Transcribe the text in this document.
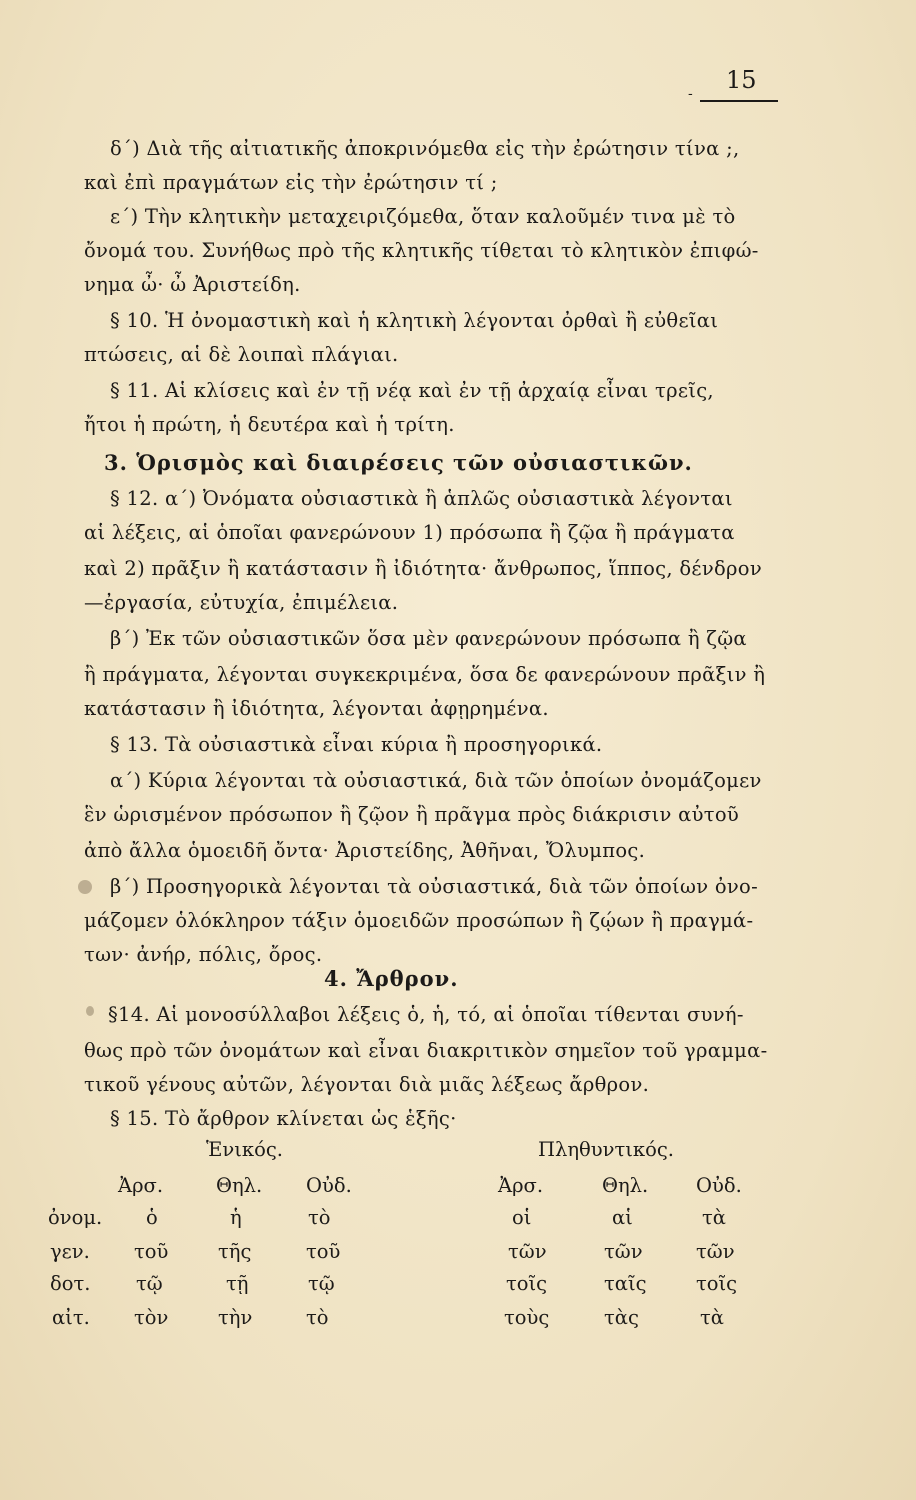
- 15
δ΄) Διὰ τῆς αἰτιατικῆς ἀποκρινόμεθα εἰς τὴν ἐρώτησιν τίνα ;,
καὶ ἐπὶ πραγμάτων εἰς τὴν ἐρώτησιν τί ;
ε΄) Τὴν κλητικὴν μεταχειριζόμεθα, ὅταν καλοῦμέν τινα μὲ τὸ
ὄνομά του. Συνήθως πρὸ τῆς κλητικῆς τίθεται τὸ κλητικὸν ἐπιφώ-
νημα ὦ· ὦ Ἀριστείδη.
§ 10. Ἡ ὀνομαστικὴ καὶ ἡ κλητικὴ λέγονται ὀρθαὶ ἢ εὐθεῖαι
πτώσεις, αἱ δὲ λοιπαὶ πλάγιαι.
§ 11. Αἱ κλίσεις καὶ ἐν τῇ νέᾳ καὶ ἐν τῇ ἀρχαίᾳ εἶναι τρεῖς,
ἤτοι ἡ πρώτη, ἡ δευτέρα καὶ ἡ τρίτη.
3. Ὁρισμὸς καὶ διαιρέσεις τῶν οὐσιαστικῶν.
§ 12. α΄) Ὀνόματα οὐσιαστικὰ ἢ ἁπλῶς οὐσιαστικὰ λέγονται
αἱ λέξεις, αἱ ὁποῖαι φανερώνουν 1) πρόσωπα ἢ ζῷα ἢ πράγματα
καὶ 2) πρᾶξιν ἢ κατάστασιν ἢ ἰδιότητα· ἄνθρωπος, ἵππος, δένδρον
—ἐργασία, εὐτυχία, ἐπιμέλεια.
β΄) Ἐκ τῶν οὐσιαστικῶν ὅσα μὲν φανερώνουν πρόσωπα ἢ ζῷα
ἢ πράγματα, λέγονται συγκεκριμένα, ὅσα δε φανερώνουν πρᾶξιν ἢ
κατάστασιν ἢ ἰδιότητα, λέγονται ἀφῃρημένα.
§ 13. Τὰ οὐσιαστικὰ εἶναι κύρια ἢ προσηγορικά.
α΄) Κύρια λέγονται τὰ οὐσιαστικά, διὰ τῶν ὁποίων ὀνομάζομεν
ἓν ὡρισμένον πρόσωπον ἢ ζῷον ἢ πρᾶγμα πρὸς διάκρισιν αὐτοῦ
ἀπὸ ἄλλα ὁμοειδῆ ὄντα· Ἀριστείδης, Ἀθῆναι, Ὄλυμπος.
β΄) Προσηγορικὰ λέγονται τὰ οὐσιαστικά, διὰ τῶν ὁποίων ὀνο-
μάζομεν ὁλόκληρον τάξιν ὁμοειδῶν προσώπων ἢ ζῴων ἢ πραγμά-
των· ἀνήρ, πόλις, ὄρος.
4. Ἄρθρον.
§14. Αἱ μονοσύλλαβοι λέξεις ὁ, ἡ, τό, αἱ ὁποῖαι τίθενται συνή-
θως πρὸ τῶν ὀνομάτων καὶ εἶναι διακριτικὸν σημεῖον τοῦ γραμμα-
τικοῦ γένους αὐτῶν, λέγονται διὰ μιᾶς λέξεως ἄρθρον.
§ 15. Τὸ ἄρθρον κλίνεται ὡς ἑξῆς·
Ἑνικός.	Πληθυντικός.
Ἀρσ.	Θηλ. Οὐδ.	Ἀρσ.	Θηλ. Οὐδ.
ὀνομ. ὁ	ἡ	τὸ	οἱ	αἱ	τὰ
γεν. τοῦ	τῆς	τοῦ	τῶν	τῶν	τῶν
δοτ. τῷ	τῇ	τῷ	τοῖς	ταῖς	τοῖς
αἰτ. τὸν	τὴν	τὸ	τοὺς	τὰς	τὰ
